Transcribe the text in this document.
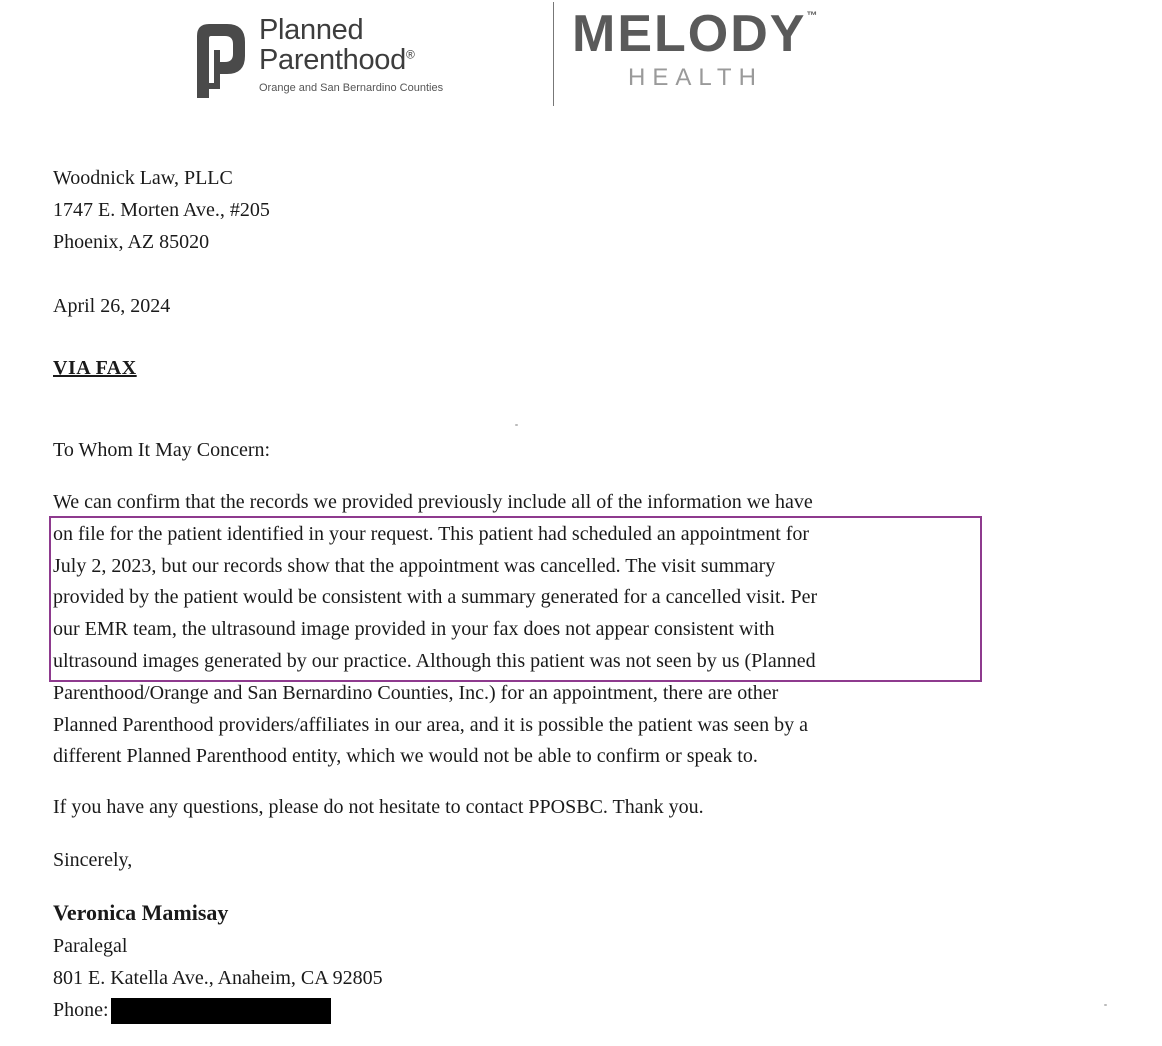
Planned
Parenthood®
Orange and San Bernardino Counties
MELODY™
HEALTH
Woodnick Law, PLLC
1747 E. Morten Ave., #205
Phoenix, AZ 85020
April 26, 2024
VIA FAX
To Whom It May Concern:
We can confirm that the records we provided previously include all of the information we have
on file for the patient identified in your request. This patient had scheduled an appointment for
July 2, 2023, but our records show that the appointment was cancelled. The visit summary
provided by the patient would be consistent with a summary generated for a cancelled visit. Per
our EMR team, the ultrasound image provided in your fax does not appear consistent with
ultrasound images generated by our practice. Although this patient was not seen by us (Planned
Parenthood/Orange and San Bernardino Counties, Inc.) for an appointment, there are other
Planned Parenthood providers/affiliates in our area, and it is possible the patient was seen by a
different Planned Parenthood entity, which we would not be able to confirm or speak to.
If you have any questions, please do not hesitate to contact PPOSBC. Thank you.
Sincerely,
Veronica Mamisay
Paralegal
801 E. Katella Ave., Anaheim, CA 92805
Phone:
